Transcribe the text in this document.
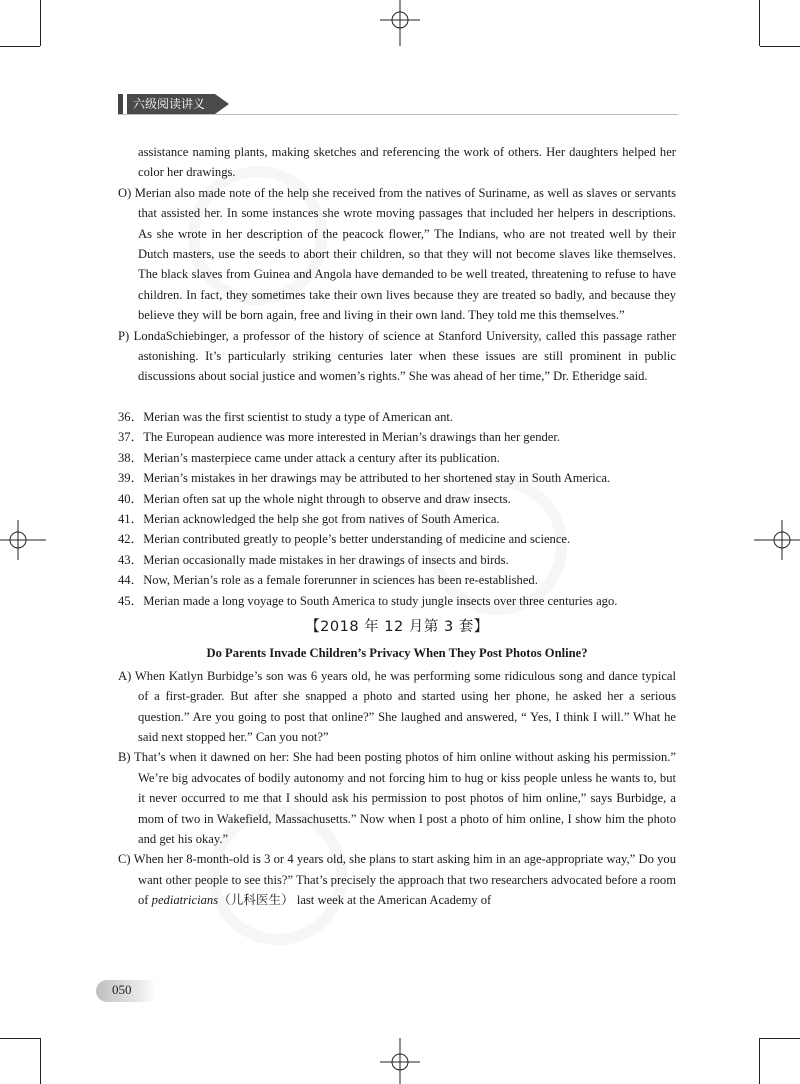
六级阅读讲义

assistance naming plants, making sketches and referencing the work of others. Her daughters helped her color her drawings.

O) Merian also made note of the help she received from the natives of Suriname, as well as slaves or servants that assisted her. In some instances she wrote moving passages that included her helpers in descriptions. As she wrote in her description of the peacock flower,” The Indians, who are not treated well by their Dutch masters, use the seeds to abort their children, so that they will not become slaves like themselves. The black slaves from Guinea and Angola have demanded to be well treated, threatening to refuse to have children. In fact, they sometimes take their own lives because they are treated so badly, and because they believe they will be born again, free and living in their own land. They told me this themselves.”

P) LondaSchiebinger, a professor of the history of science at Stanford University, called this passage rather astonishing. It’s particularly striking centuries later when these issues are still prominent in public discussions about social justice and women’s rights.” She was ahead of her time,” Dr. Etheridge said.

36．Merian was the first scientist to study a type of American ant.
37．The European audience was more interested in Merian’s drawings than her gender.
38．Merian’s masterpiece came under attack a century after its publication.
39．Merian’s mistakes in her drawings may be attributed to her shortened stay in South America.
40．Merian often sat up the whole night through to observe and draw insects.
41．Merian acknowledged the help she got from natives of South America.
42．Merian contributed greatly to people’s better understanding of medicine and science.
43．Merian occasionally made mistakes in her drawings of insects and birds.
44．Now, Merian’s role as a female forerunner in sciences has been re-established.
45．Merian made a long voyage to South America to study jungle insects over three centuries ago.
【2018 年 12 月第 3 套】

Do Parents Invade Children’s Privacy When They Post Photos Online?

A) When Katlyn Burbidge’s son was 6 years old, he was performing some ridiculous song and dance typical of a first-grader. But after she snapped a photo and started using her phone, he asked her a serious question.” Are you going to post that online?” She laughed and answered, “ Yes, I think I will.” What he said next stopped her.” Can you not?”

B) That’s when it dawned on her: She had been posting photos of him online without asking his permission.” We’re big advocates of bodily autonomy and not forcing him to hug or kiss people unless he wants to, but it never occurred to me that I should ask his permission to post photos of him online,” says Burbidge, a mom of two in Wakefield, Massachusetts.” Now when I post a photo of him online, I show him the photo and get his okay.”

C) When her 8-month-old is 3 or 4 years old, she plans to start asking him in an age-appropriate way,” Do you want other people to see this?” That’s precisely the approach that two researchers advocated before a room of pediatricians（儿科医生） last week at the American Academy of

050
